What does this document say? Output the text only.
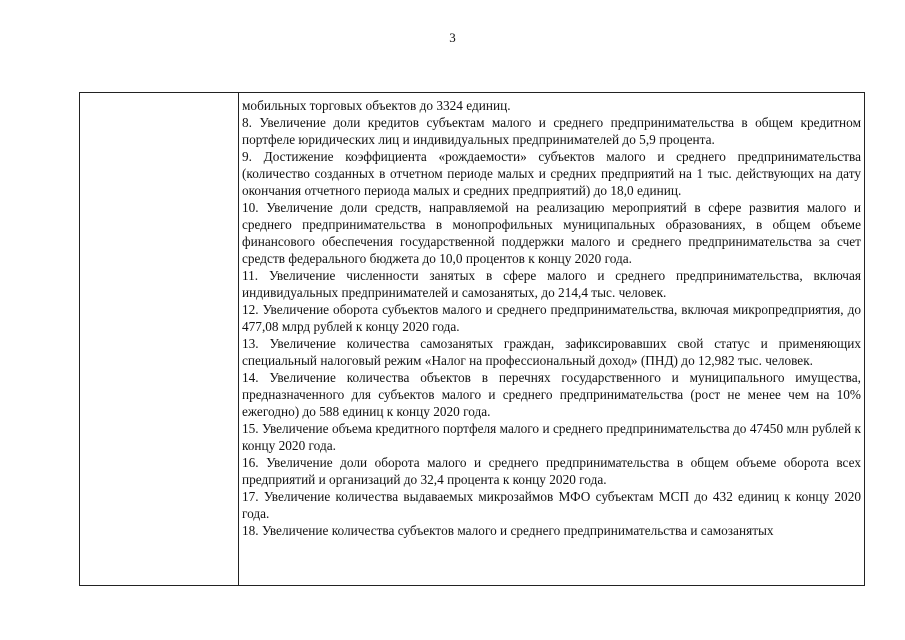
3

мобильных торговых объектов до 3324 единиц.

8. Увеличение доли кредитов субъектам малого и среднего предпринимательства в общем кредитном портфеле юридических лиц и индивидуальных предпринимателей до 5,9 процента.

9. Достижение коэффициента «рождаемости» субъектов малого и среднего предпринимательства (количество созданных в отчетном периоде малых и средних предприятий на 1 тыс. действующих на дату окончания отчетного периода малых и средних предприятий) до 18,0 единиц.

10. Увеличение доли средств, направляемой на реализацию мероприятий в сфере развития малого и среднего предпринимательства в монопрофильных муниципальных образованиях, в общем объеме финансового обеспечения государственной поддержки малого и среднего предпринимательства за счет средств федерального бюджета до 10,0 процентов к концу 2020 года.

11. Увеличение численности занятых в сфере малого и среднего предпринимательства, включая индивидуальных предпринимателей и самозанятых, до 214,4 тыс. человек.

12. Увеличение оборота субъектов малого и среднего предпринимательства, включая микропредприятия, до 477,08 млрд рублей к концу 2020 года.

13. Увеличение количества самозанятых граждан, зафиксировавших свой статус и применяющих специальный налоговый режим «Налог на профессиональный доход» (ПНД) до 12,982 тыс. человек.

14. Увеличение количества объектов в перечнях государственного и муниципального имущества, предназначенного для субъектов малого и среднего предпринимательства (рост не менее чем на 10% ежегодно) до 588 единиц к концу 2020 года.

15. Увеличение объема кредитного портфеля малого и среднего предпринимательства до 47450 млн рублей к концу 2020 года.

16. Увеличение доли оборота малого и среднего предпринимательства в общем объеме оборота всех предприятий и организаций до 32,4 процента к концу 2020 года.

17. Увеличение количества выдаваемых микрозаймов МФО субъектам МСП до 432 единиц к концу 2020 года.

18. Увеличение количества субъектов малого и среднего предпринимательства и самозанятых
